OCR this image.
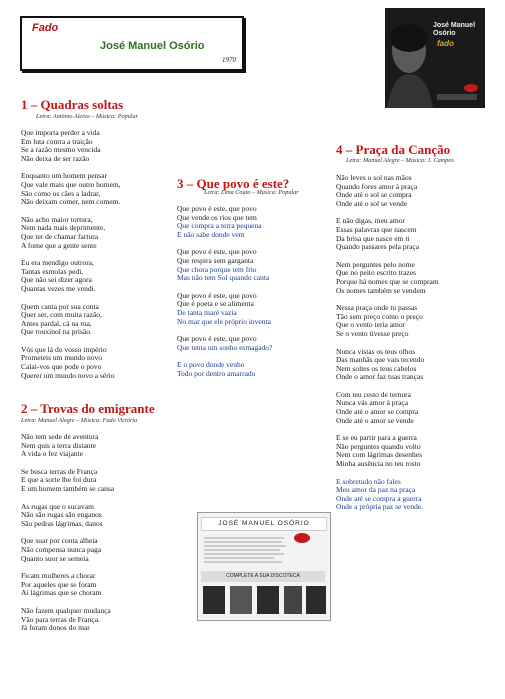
Fado
José Manuel Osório
1970
José Manuel
Osório
fado
1 – Quadras soltas
Letra: António Aleixo – Música: Popular
Que importa perder a vida
Em luta contra a traição
Se a razão mesmo vencida
Não deixa de ser razão
Enquanto um homem pensar
Que vale mais que outro homem,
São como os cães a ladrar,
Não deixam comer, nem comem.
Não acho maior tortura,
Nem nada mais deprimente,
Que ter de chamar fartura
A fome que a gente sente
Eu era mendigo outrora,
Tantas esmolas pedi,
Que não sei dizer agora
Quantas vezes me vendi.
Quem canta por sua conta
Quer ser, com muita razão,
Antes pardal, cá na rua,
Que rouxinol na prisão.
Vós que lá do vosso império
Prometeis um mundo novo
Calai-vos que pode o povo
Querer um mundo novo a sério
2 – Trovas do emigrante
Letra: Manuel Alegre – Música: Fado Victória
Não tem sede de aventura
Nem quis a terra distante
A vida o fez viajante
Se busca terras de França
E que a sorte lhe foi dura
E um homem também se cansa
As rugas que o sucavam
Não são rugas são enganos
São pedras lágrimas, danos
Que suar por conta alheia
Não compensa nunca paga
Quanto suor se semeia
Ficam mulheres a chorar
Por aqueles que se foram
Ai lágrimas que se choram
Não fazem qualquer mudança
Vão para terras de França.
Já foram donos do mar
3 – Que povo é este?
Letra: Lima Couto – Música: Popular
Que povo é este, que povo
Que vende os rios que tem
Que compra a terra pequena
E não sabe donde vem
Que povo é este, que povo
Que respira sem garganta
Que chora porque tem frio
Mas não tem Sol quando canta
Que povo é este, que povo
Que é poeta e se alimenta
De tanta maré vazia
No mar que ele próprio inventa
Que povo é este, que povo
Que tenta um sonho esmagado?
E o povo donde venho
Todo por dentro amarrado
4 – Praça da Canção
Letra: Manuel Alegre – Música: J. Campos
Não leves o sol nas mãos
Quando fores amor à praça
Onde até o sol se compra
Onde até o sol se vende
E não digas, meu amor
Essas palavras que nascem
Da brisa que nasce em ti
Quando passares pela praça
Nem perguntes pelo nome
Que no peito escrito trazes
Porque há nomes que se compram
Os nomes também se vendem
Nessa praça onde tu passas
Tão sem preço como o preço
Que o vento teria amor
Se o vento tivesse preço
Nunca vistas os teus olhos
Das manhãs que vais tecendo
Nem soltes os teus cabelos
Onde o amor faz tuas tranças
Com teu cesto de ternura
Nunca vás amor à praça
Onde até o amor se compra
Onde até o amor se vende
E se eu partir para a guerra
Não perguntes quando volto
Nem com lágrimas desenhes
Minha ausência no teu rosto
E sobretudo não fales
Meu amor da paz na praça
Onde até se compra a guerra
Onde a própria paz se vende.
JOSÉ MANUEL OSÓRIO
COMPLETE A SUA DISCOTECA
